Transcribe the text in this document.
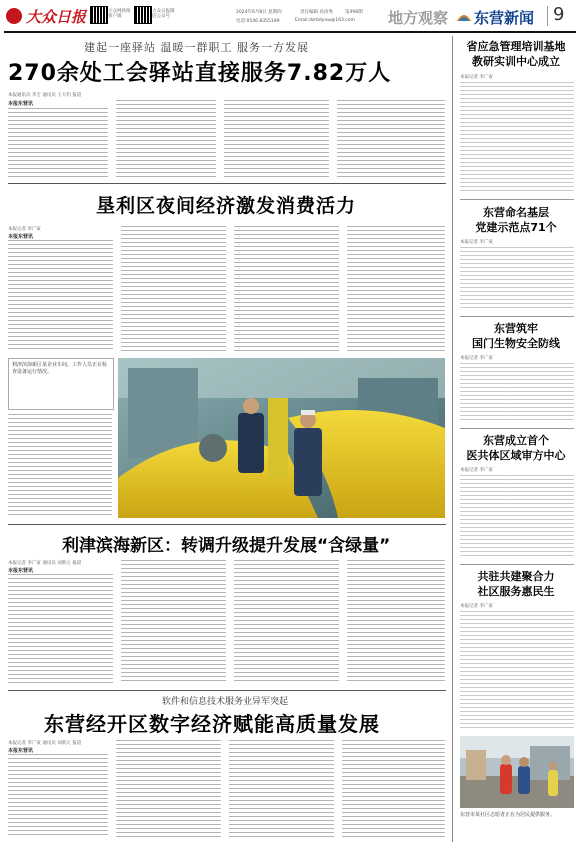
大众日报	大众网新闻客户端
大众日报微信公众号
2024年6月8日 星期四	责任编辑 孙清秀	第498期
电话:0546 8355199	Email:dzrbdyxw@163.com 地方观察 东营新闻 9
建起一座驿站 温暖一群职工 服务一方发展
270余处工会驿站直接服务7.82万人
本报通讯员 李吉 通讯员 王大钧 报道
本报东营讯
垦利区夜间经济激发消费活力
本报记者 李广寅
本报东营讯
利津滨海新区某企业车间，工作人员正在检查设备运行情况。
利津滨海新区：转调升级提升发展“含绿量”
本报记者 李广寅 通讯员 刘新元 报道
本报东营讯
软件和信息技术服务业异军突起
东营经开区数字经济赋能高质量发展
本报记者 李广寅 通讯员 刘新元 报道
本报东营讯
省应急管理培训基地
教研实训中心成立
本报记者 李广寅
东营命名基层
党建示范点71个
本报记者 李广寅
东营筑牢
国门生物安全防线
本报记者 李广寅
东营成立首个
医共体区域审方中心
本报记者 李广寅
共驻共建聚合力
社区服务惠民生
本报记者 李广寅
东营市某社区志愿者正在为居民提供服务。
